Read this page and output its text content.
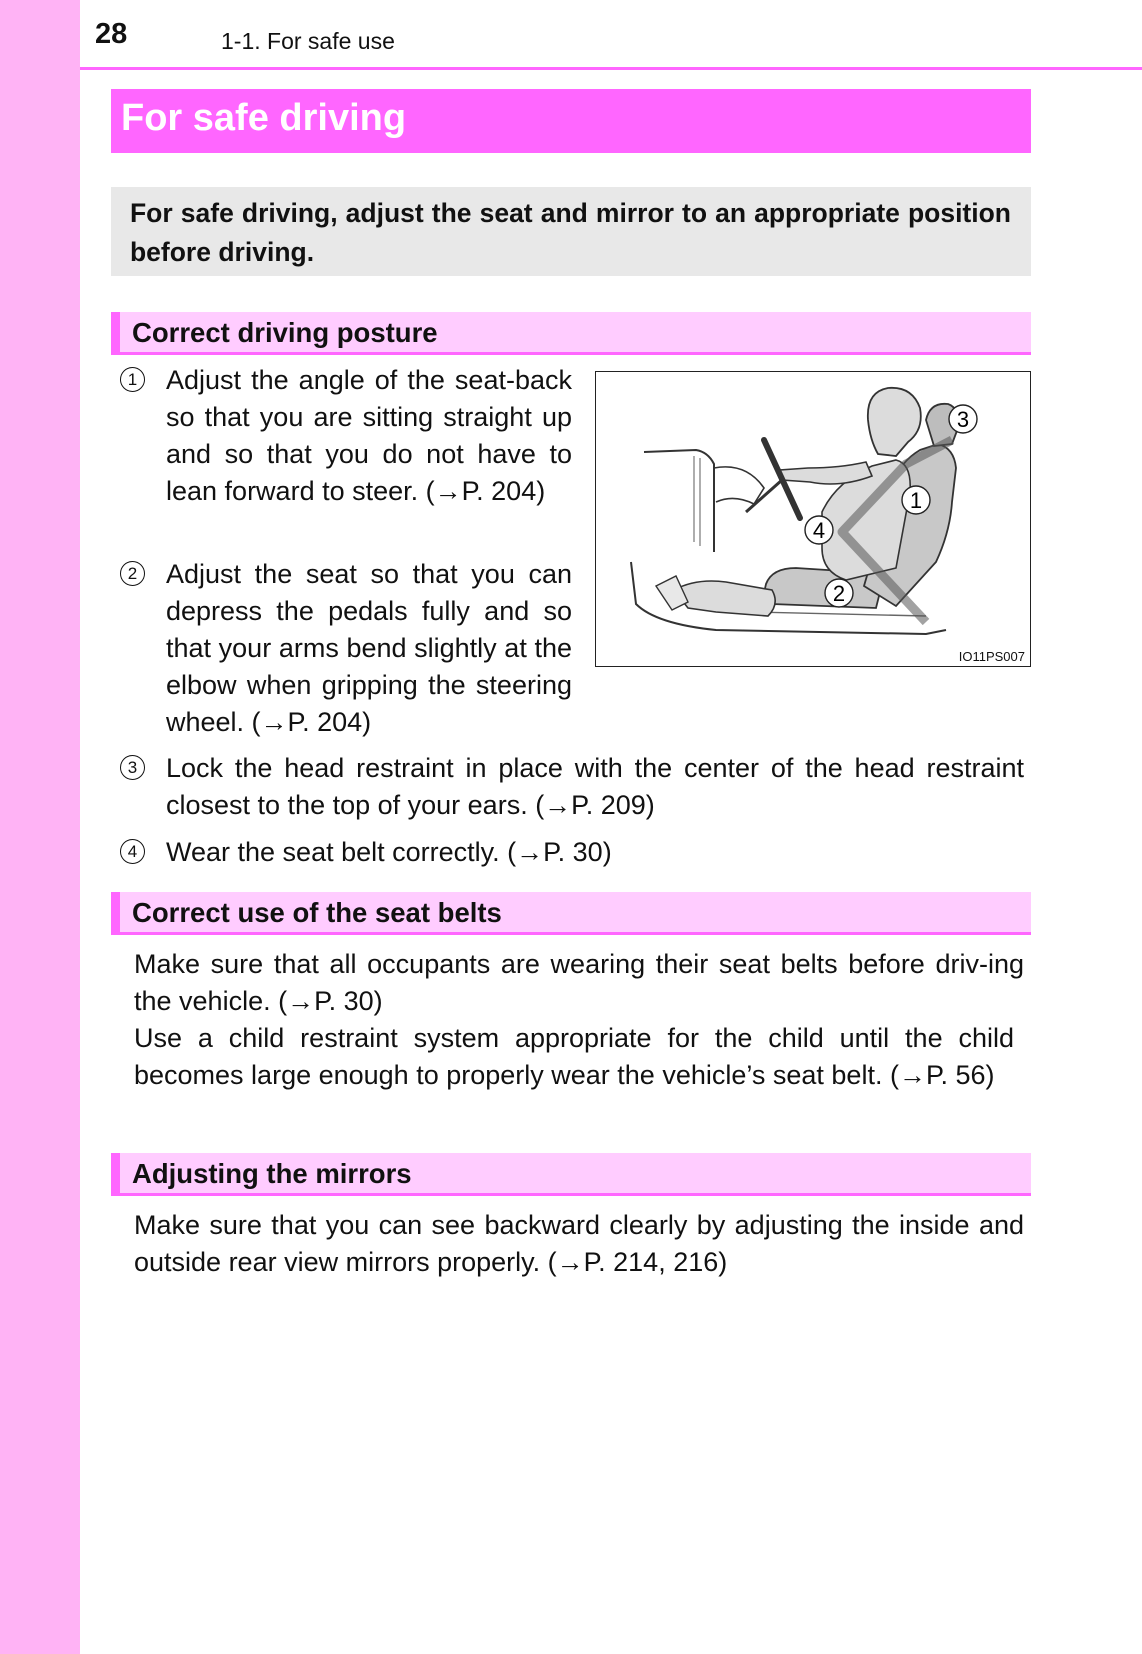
28	1-1. For safe use
For safe driving
For safe driving, adjust the seat and mirror to an appropriate position before driving.
Correct driving posture
1 Adjust the angle of the seat-back so that you are sitting straight up and so that you do not have to lean forward to steer. (→P. 204)
2 Adjust the seat so that you can depress the pedals fully and so that your arms bend slightly at the elbow when gripping the steering wheel. (→P. 204)
3 Lock the head restraint in place with the center of the head restraint closest to the top of your ears. (→P. 209)
4 Wear the seat belt correctly. (→P. 30)
3
1
4
2
IO11PS007
Correct use of the seat belts
Make sure that all occupants are wearing their seat belts before driv-ing the vehicle. (→P. 30)
Use a child restraint system appropriate for the child until the child becomes large enough to properly wear the vehicle’s seat belt. (→P. 56)
Adjusting the mirrors
Make sure that you can see backward clearly by adjusting the inside and outside rear view mirrors properly. (→P. 214, 216)
